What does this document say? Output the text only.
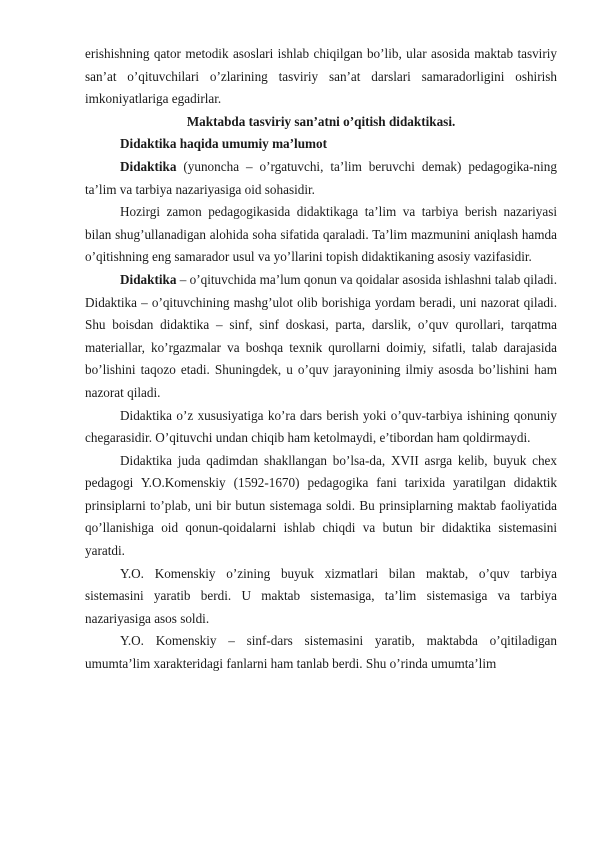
erishishning qator metodik asoslari ishlab chiqilgan bo’lib, ular asosida maktab tasviriy san’at o’qituvchilari o’zlarining tasviriy san’at darslari samaradorligini oshirish imkoniyatlariga egadirlar.

Maktabda tasviriy san’atni o’qitish didaktikasi.

Didaktika haqida umumiy ma’lumot

Didaktika (yunoncha – o’rgatuvchi, ta’lim beruvchi demak) pedagogika-ning ta’lim va tarbiya nazariyasiga oid sohasidir.

Hozirgi zamon pedagogikasida didaktikaga ta’lim va tarbiya berish nazariyasi bilan shug’ullanadigan alohida soha sifatida qaraladi. Ta’lim mazmunini aniqlash hamda o’qitishning eng samarador usul va yo’llarini topish didaktikaning asosiy vazifasidir.

Didaktika – o’qituvchida ma’lum qonun va qoidalar asosida ishlashni talab qiladi. Didaktika – o’qituvchining mashg’ulot olib borishiga yordam beradi, uni nazorat qiladi. Shu boisdan didaktika – sinf, sinf doskasi, parta, darslik, o’quv qurollari, tarqatma materiallar, ko’rgazmalar va boshqa texnik qurollarni doimiy, sifatli, talab darajasida bo’lishini taqozo etadi. Shuningdek, u o’quv jarayonining ilmiy asosda bo’lishini ham nazorat qiladi.

Didaktika o’z xususiyatiga ko’ra dars berish yoki o’quv-tarbiya ishining qonuniy chegarasidir. O’qituvchi undan chiqib ham ketolmaydi, e’tibordan ham qoldirmaydi.

Didaktika juda qadimdan shakllangan bo’lsa-da, XVII asrga kelib, buyuk chex pedagogi Y.O.Komenskiy (1592-1670) pedagogika fani tarixida yaratilgan didaktik prinsiplarni to’plab, uni bir butun sistemaga soldi. Bu prinsiplarning maktab faoliyatida qo’llanishiga oid qonun-qoidalarni ishlab chiqdi va butun bir didaktika sistemasini yaratdi.

Y.O. Komenskiy o’zining buyuk xizmatlari bilan maktab, o’quv tarbiya sistemasini yaratib berdi. U maktab sistemasiga, ta’lim sistemasiga va tarbiya nazariyasiga asos soldi.

Y.O. Komenskiy – sinf-dars sistemasini yaratib, maktabda o’qitiladigan umumta’lim xarakteridagi fanlarni ham tanlab berdi. Shu o’rinda umumta’lim
